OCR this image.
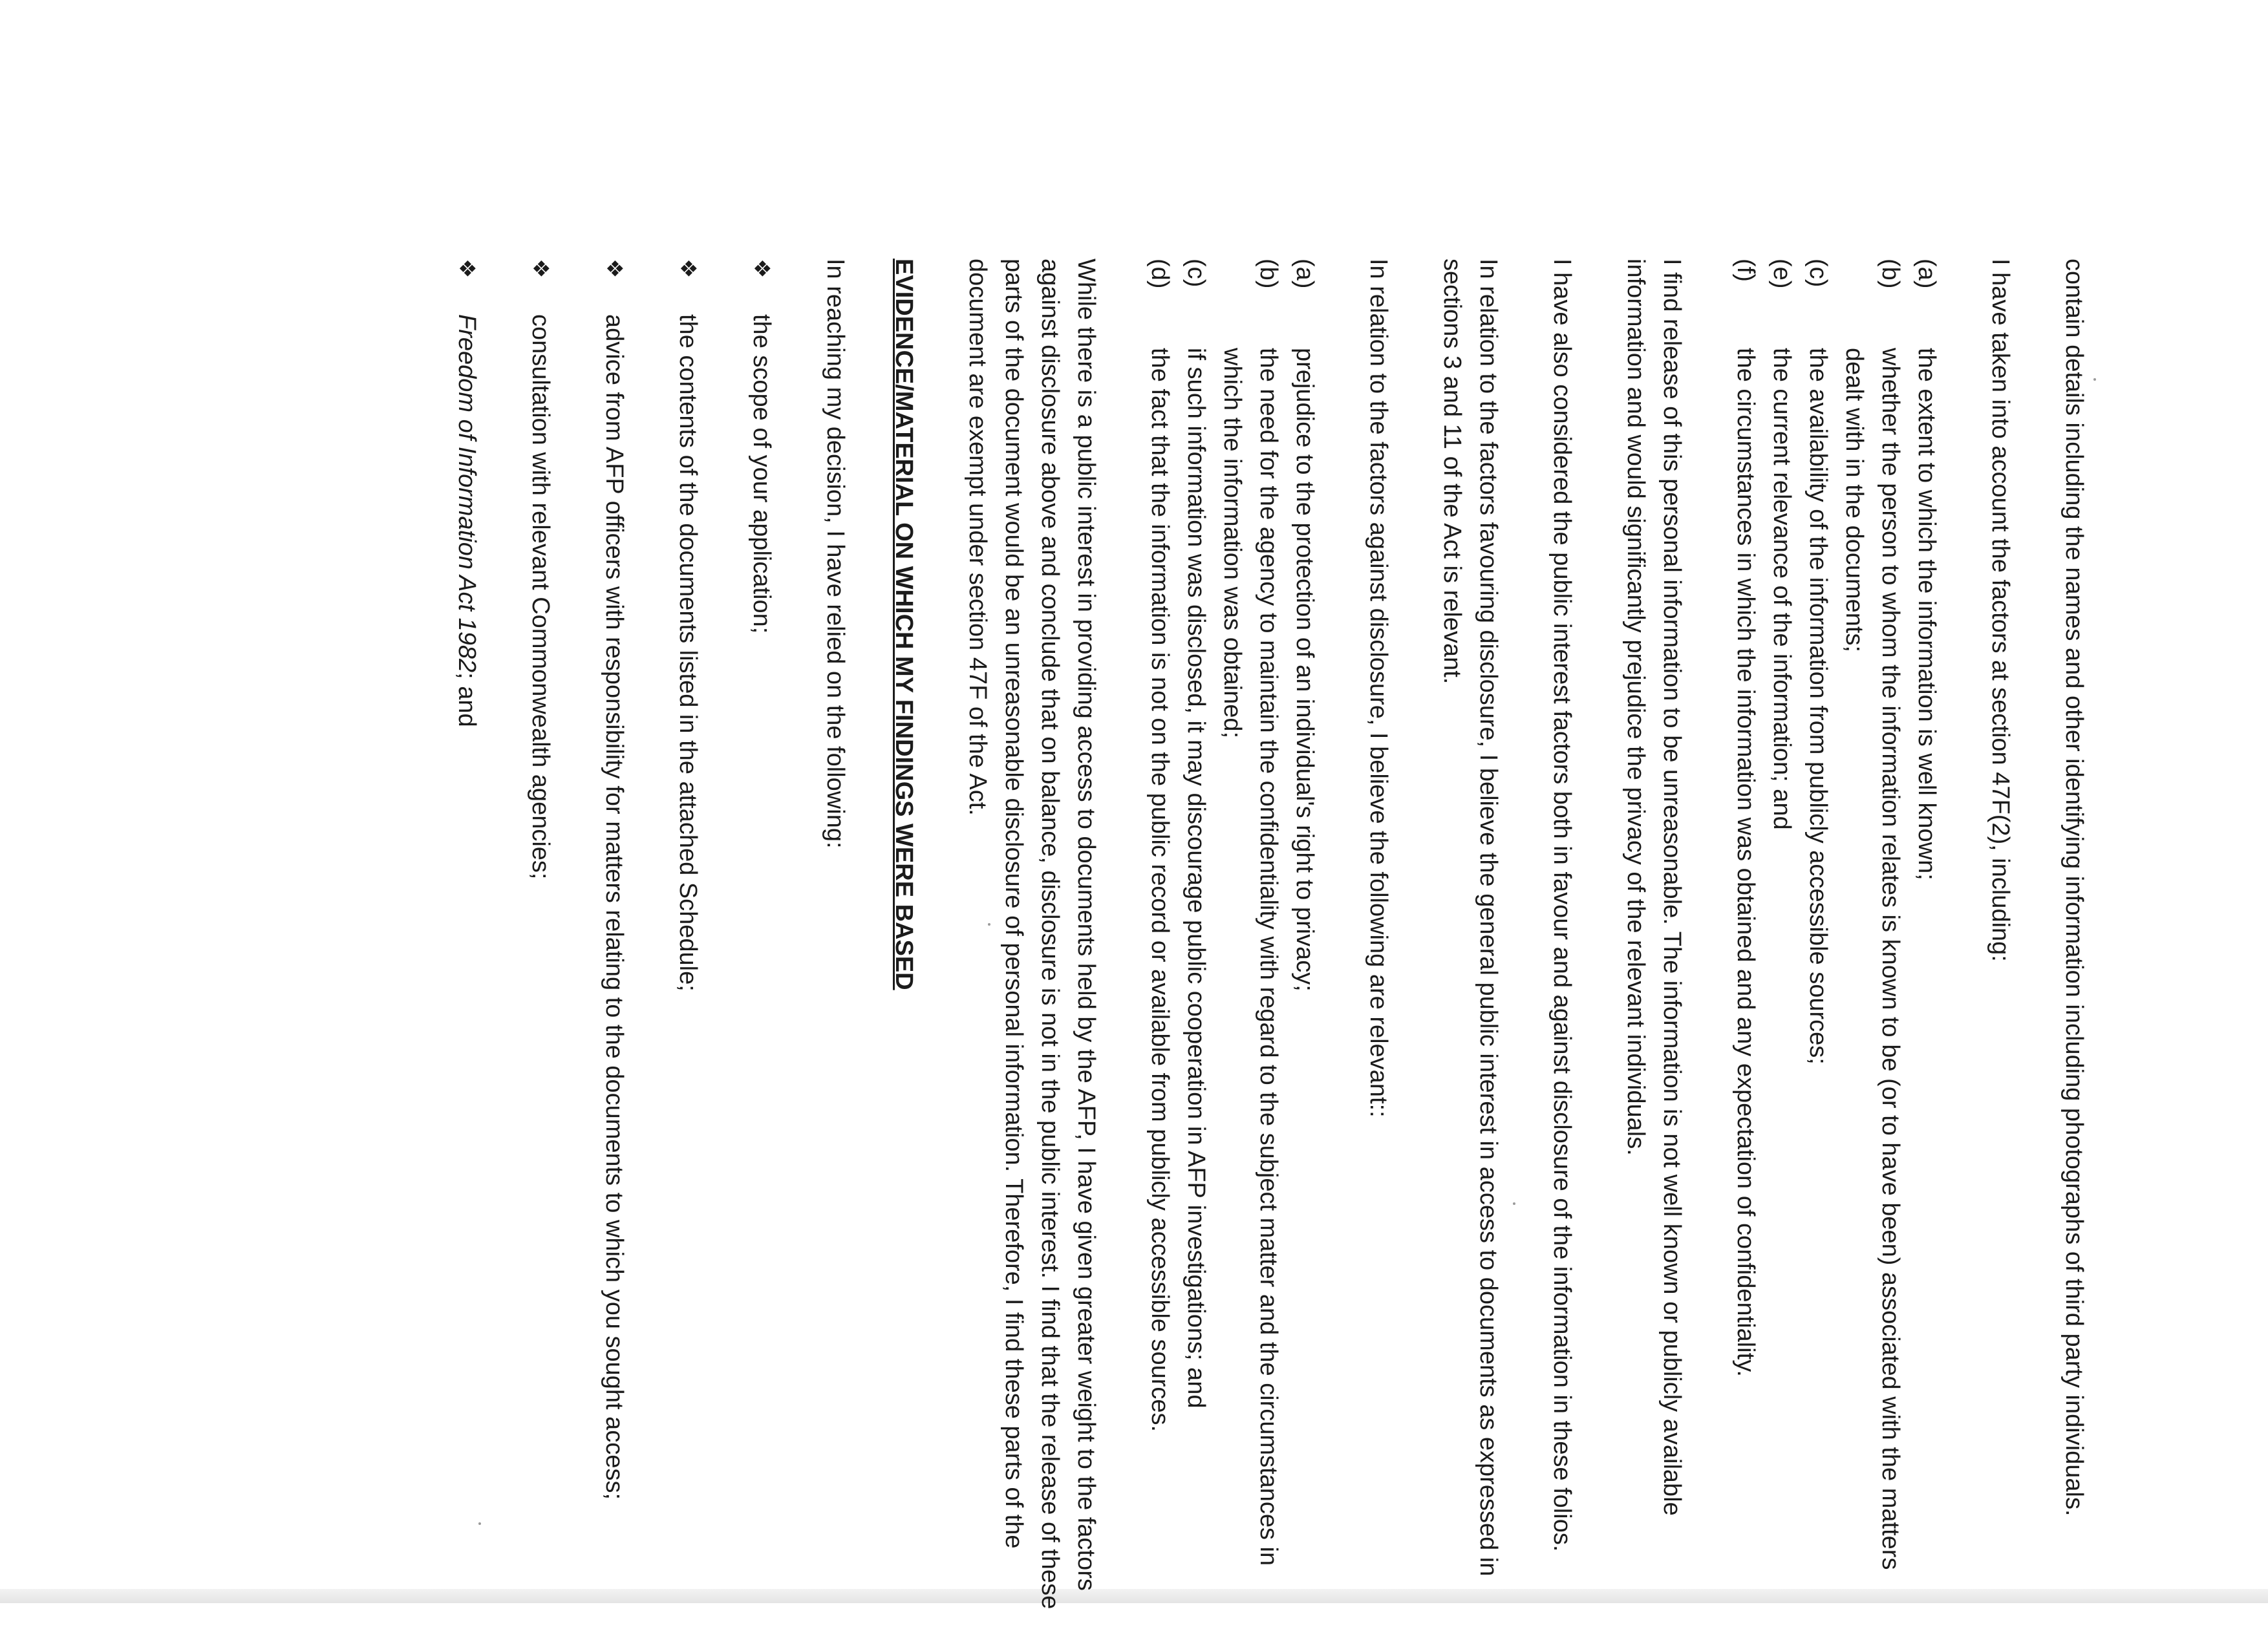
contain details including the names and other identifying information including photographs of third party individuals.

I have taken into account the factors at section 47F(2), including:

(a)
the extent to which the information is well known;
(b)
whether the person to whom the information relates is known to be (or to have been) associated with the matters dealt with in the documents;
(c)
the availability of the information from publicly accessible sources;
(e)
the current relevance of the information; and
(f)
the circumstances in which the information was obtained and any expectation of confidentiality.

I find release of this personal information to be unreasonable. The information is not well known or publicly available information and would significantly prejudice the privacy of the relevant individuals.

I have also considered the public interest factors both in favour and against disclosure of the information in these folios.

In relation to the factors favouring disclosure, I believe the general public interest in access to documents as expressed in sections 3 and 11 of the Act is relevant.

In relation to the factors against disclosure, I believe the following are relevant::

(a)
prejudice to the protection of an individual's right to privacy;
(b)
the need for the agency to maintain the confidentiality with regard to the subject matter and the circumstances in which the information was obtained;
(c)
if such information was disclosed, it may discourage public cooperation in AFP investigations; and
(d)
the fact that the information is not on the public record or available from publicly accessible sources.

While there is a public interest in providing access to documents held by the AFP, I have given greater weight to the factors against disclosure above and conclude that on balance, disclosure is not in the public interest. I find that the release of these parts of the document would be an unreasonable disclosure of personal information. Therefore, I find these parts of the document are exempt under section 47F of the Act.

EVIDENCE/MATERIAL ON WHICH MY FINDINGS WERE BASED

In reaching my decision, I have relied on the following:

❖
the scope of your application;
❖
the contents of the documents listed in the attached Schedule;
❖
advice from AFP officers with responsibility for matters relating to the documents to which you sought access;
❖
consultation with relevant Commonwealth agencies;
❖
Freedom of Information Act 1982; and
